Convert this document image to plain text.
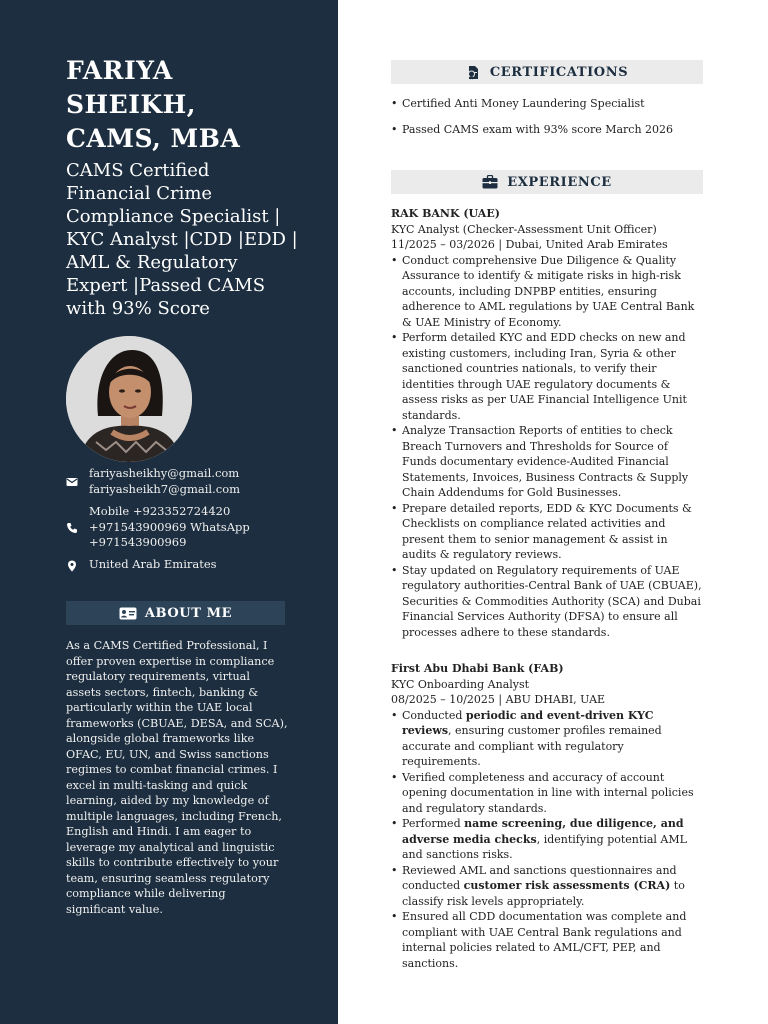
FARIYA
SHEIKH,
CAMS, MBA
CAMS Certified Financial Crime Compliance Specialist | KYC Analyst |CDD |EDD | AML & Regulatory Expert |Passed CAMS with 93% Score
fariyasheikhy@gmail.com
fariyasheikh7@gmail.com
Mobile +923352724420
+971543900969 WhatsApp
+971543900969
United Arab Emirates
ABOUT ME
As a CAMS Certified Professional, I offer proven expertise in compliance regulatory requirements, virtual assets sectors, fintech, banking & particularly within the UAE local frameworks (CBUAE, DESA, and SCA), alongside global frameworks like OFAC, EU, UN, and Swiss sanctions regimes to combat financial crimes. I excel in multi-tasking and quick learning, aided by my knowledge of multiple languages, including French, English and Hindi. I am eager to leverage my analytical and linguistic skills to contribute effectively to your team, ensuring seamless regulatory compliance while delivering significant value.
CERTIFICATIONS
• Certified Anti Money Laundering Specialist
• Passed CAMS exam with 93% score March 2026
EXPERIENCE
RAK BANK (UAE)
KYC Analyst (Checker-Assessment Unit Officer)
11/2025 – 03/2026 | Dubai, United Arab Emirates
• Conduct comprehensive Due Diligence & Quality Assurance to identify & mitigate risks in high-risk accounts, including DNPBP entities, ensuring adherence to AML regulations by UAE Central Bank & UAE Ministry of Economy.
• Perform detailed KYC and EDD checks on new and existing customers, including Iran, Syria & other sanctioned countries nationals, to verify their identities through UAE regulatory documents & assess risks as per UAE Financial Intelligence Unit standards.
• Analyze Transaction Reports of entities to check Breach Turnovers and Thresholds for Source of Funds documentary evidence-Audited Financial Statements, Invoices, Business Contracts & Supply Chain Addendums for Gold Businesses.
• Prepare detailed reports, EDD & KYC Documents & Checklists on compliance related activities and present them to senior management & assist in audits & regulatory reviews.
• Stay updated on Regulatory requirements of UAE regulatory authorities-Central Bank of UAE (CBUAE), Securities & Commodities Authority (SCA) and Dubai Financial Services Authority (DFSA) to ensure all processes adhere to these standards.
First Abu Dhabi Bank (FAB)
KYC Onboarding Analyst
08/2025 – 10/2025 | ABU DHABI, UAE
• Conducted periodic and event-driven KYC reviews, ensuring customer profiles remained accurate and compliant with regulatory requirements.
• Verified completeness and accuracy of account opening documentation in line with internal policies and regulatory standards.
• Performed name screening, due diligence, and adverse media checks, identifying potential AML and sanctions risks.
• Reviewed AML and sanctions questionnaires and conducted customer risk assessments (CRA) to classify risk levels appropriately.
• Ensured all CDD documentation was complete and compliant with UAE Central Bank regulations and internal policies related to AML/CFT, PEP, and sanctions.
